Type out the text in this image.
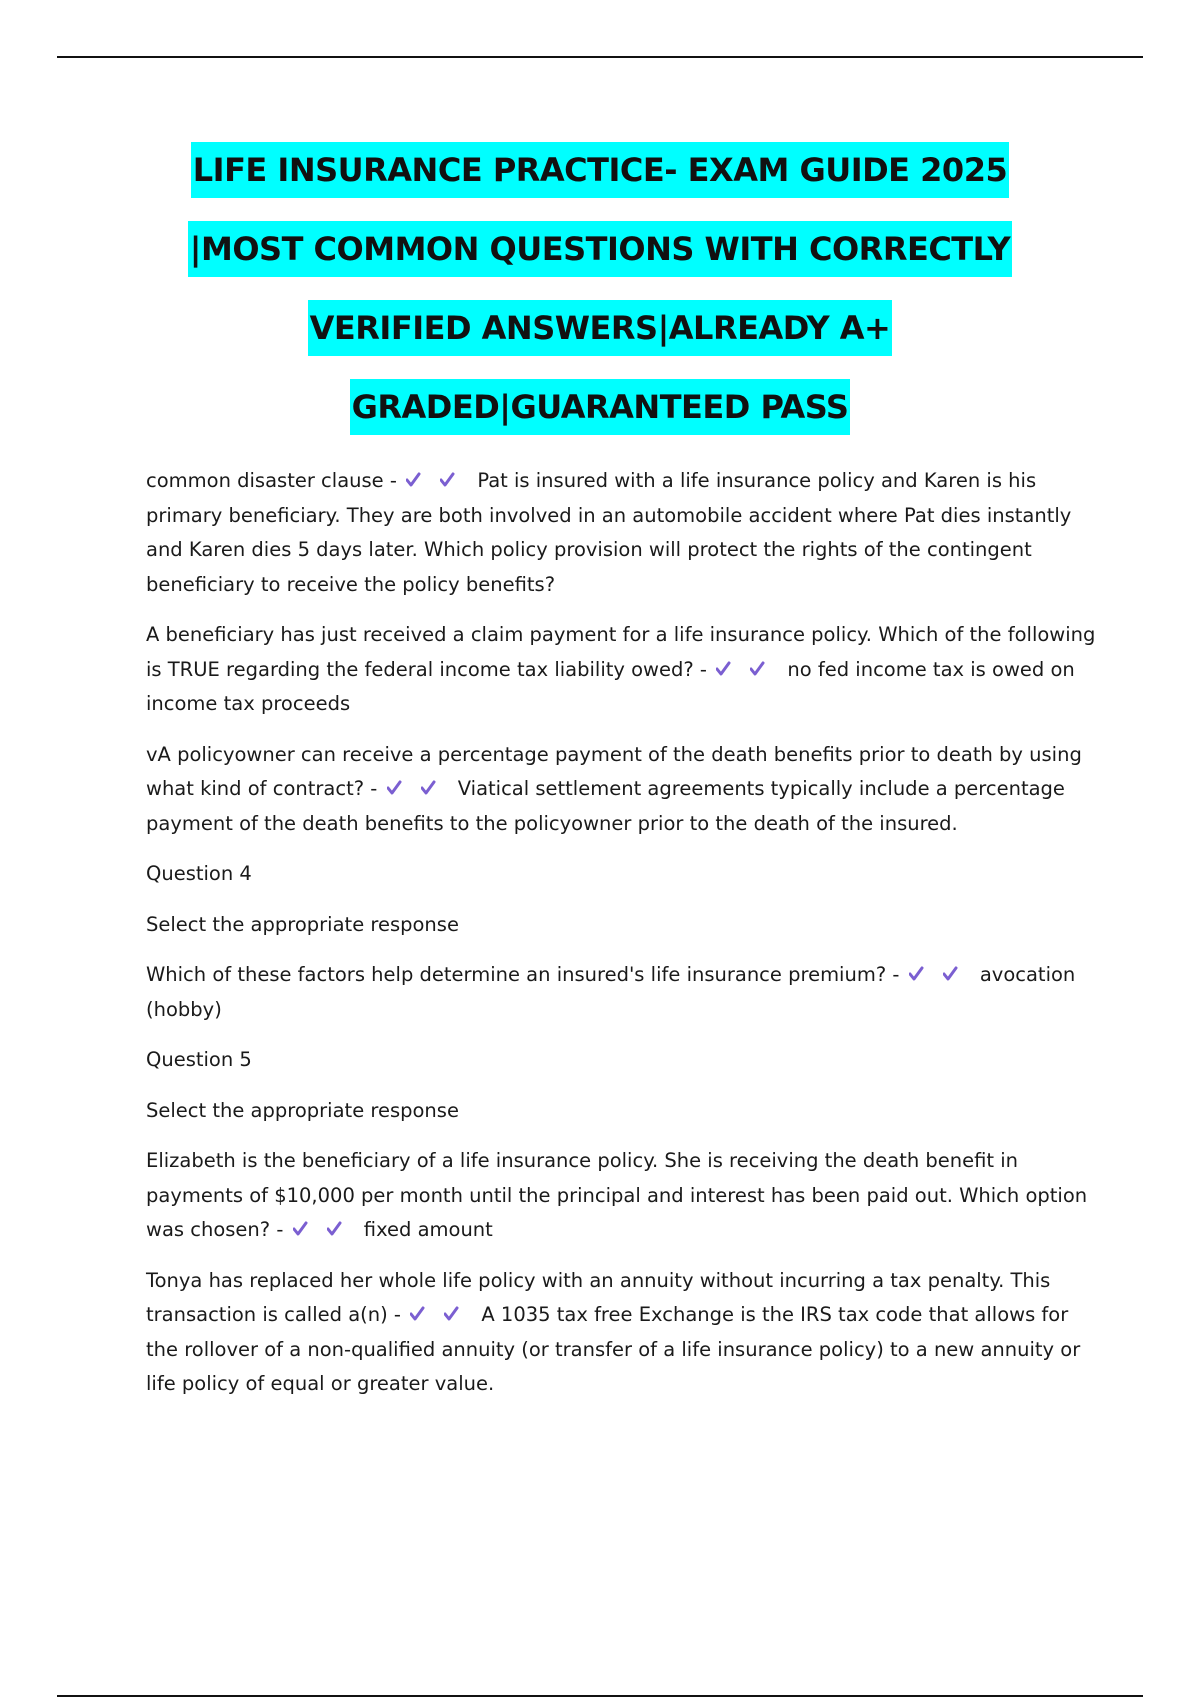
LIFE INSURANCE PRACTICE- EXAM GUIDE 2025
|MOST COMMON QUESTIONS WITH CORRECTLY
VERIFIED ANSWERS|ALREADY A+
GRADED|GUARANTEED PASS

common disaster clause -	Pat is insured with a life insurance policy and Karen is his primary beneficiary. They are both involved in an automobile accident where Pat dies instantly and Karen dies 5 days later. Which policy provision will protect the rights of the contingent beneficiary to receive the policy benefits?

A beneficiary has just received a claim payment for a life insurance policy. Which of the following is TRUE regarding the federal income tax liability owed? -	no fed income tax is owed on income tax proceeds

vA policyowner can receive a percentage payment of the death benefits prior to death by using what kind of contract? -	Viatical settlement agreements typically include a percentage payment of the death benefits to the policyowner prior to the death of the insured.

Question 4

Select the appropriate response

Which of these factors help determine an insured's life insurance premium? -	avocation (hobby)

Question 5

Select the appropriate response

Elizabeth is the beneficiary of a life insurance policy. She is receiving the death benefit in payments of $10,000 per month until the principal and interest has been paid out. Which option was chosen? -	fixed amount

Tonya has replaced her whole life policy with an annuity without incurring a tax penalty. This transaction is called a(n) -	A 1035 tax free Exchange is the IRS tax code that allows for the rollover of a non-qualified annuity (or transfer of a life insurance policy) to a new annuity or life policy of equal or greater value.
